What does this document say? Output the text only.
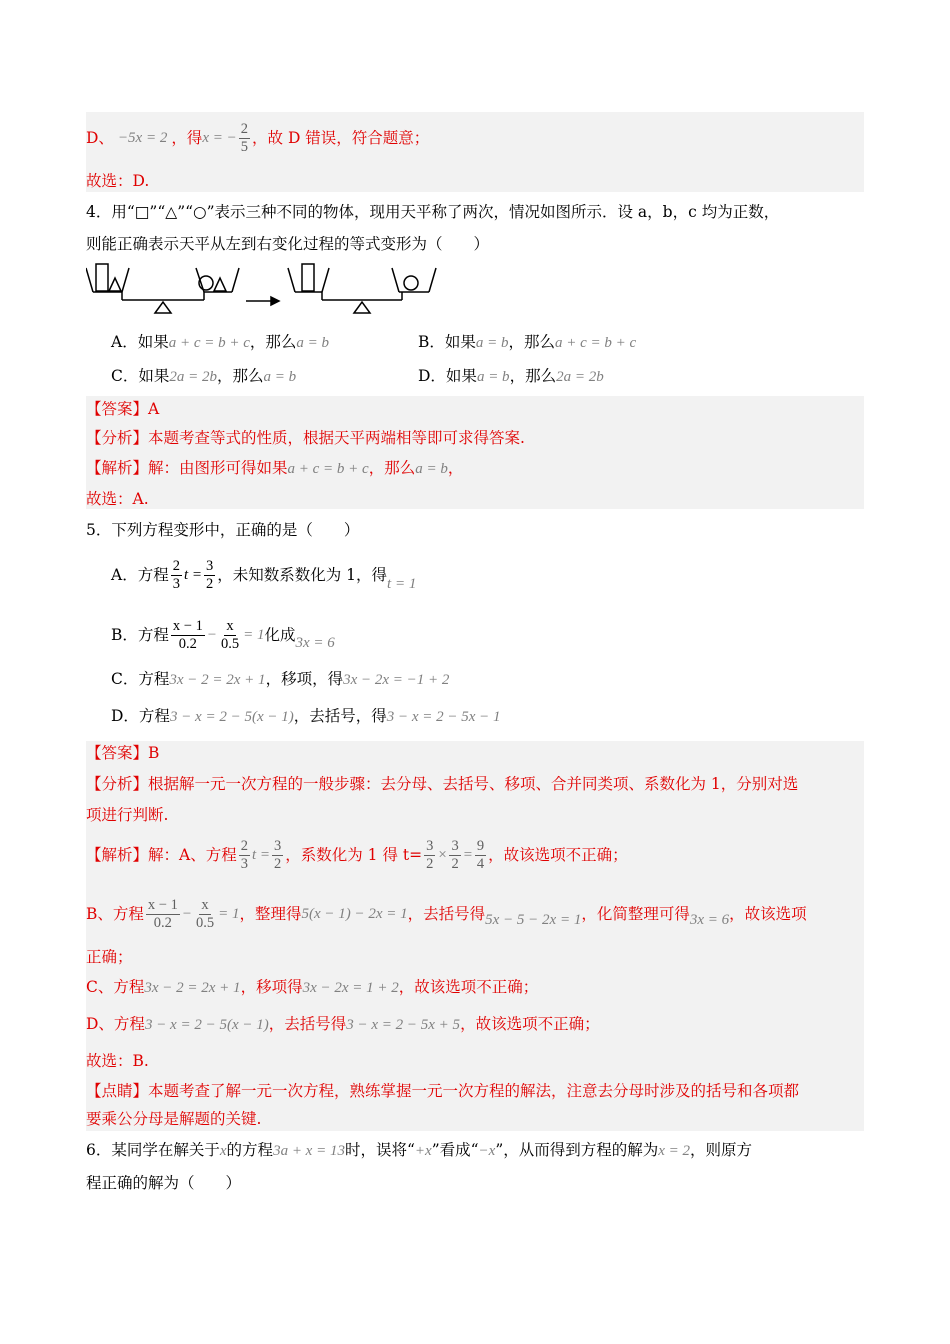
D、 −5x = 2 ，得 x = − $\frac{2}{5}$ ，故 D 错误，符合题意；
故选：D.
4．用“□”“△”“○”表示三种不同的物体，现用天平称了两次，情况如图所示．设 a，b，c 均为正数，
则能正确表示天平从左到右变化过程的等式变形为（　　）
A．如果a + c = b + c，那么a = b	B．如果a = b，那么a + c = b + c
C．如果2a = 2b，那么a = b	D．如果a = b，那么2a = 2b
【答案】A
【分析】本题考查等式的性质，根据天平两端相等即可求得答案.
【解析】解：由图形可得如果a + c = b + c，那么a = b，
故选：A.
5．下列方程变形中，正确的是（　　）
A．方程 $\frac{2}{3}$ $t = \frac{3}{2}$ ，未知数系数化为 1，得 t = 1
B．方程 $\frac{x - 1}{0.2} - \frac{x}{0.5} = 1$ 化成 3x = 6
C．方程3x − 2 = 2x + 1，移项，得3x − 2x = −1 + 2
D．方程3 − x = 2 − 5(x − 1)，去括号，得3 − x = 2 − 5x − 1
【答案】B
【分析】根据解一元一次方程的一般步骤：去分母、去括号、移项、合并同类项、系数化为 1，分别对选
项进行判断.
【解析】解：A、方程 $\frac{2}{3}$ $t = \frac{3}{2}$ ，系数化为 1 得 $t= \frac{3}{2} \times \frac{3}{2} = \frac{9}{4}$ ，故该选项不正确；
B、方程 $\frac{x - 1}{0.2} - \frac{x}{0.5} = 1$ ，整理得 5(x − 1) − 2x = 1 ，去括号得 5x − 5 − 2x = 1 ，化简整理可得 3x = 6 ，故该选项
正确；
C、方程3x − 2 = 2x + 1，移项得3x − 2x = 1 + 2，故该选项不正确；
D、方程3 − x = 2 − 5(x − 1)，去括号得3 − x = 2 − 5x + 5，故该选项不正确；
故选：B.
【点睛】本题考查了解一元一次方程，熟练掌握一元一次方程的解法，注意去分母时涉及的括号和各项都
要乘公分母是解题的关键.
6．某同学在解关于x的方程3a + x = 13时，误将“+x”看成“−x”，从而得到方程的解为x = 2，则原方
程正确的解为（　　）
